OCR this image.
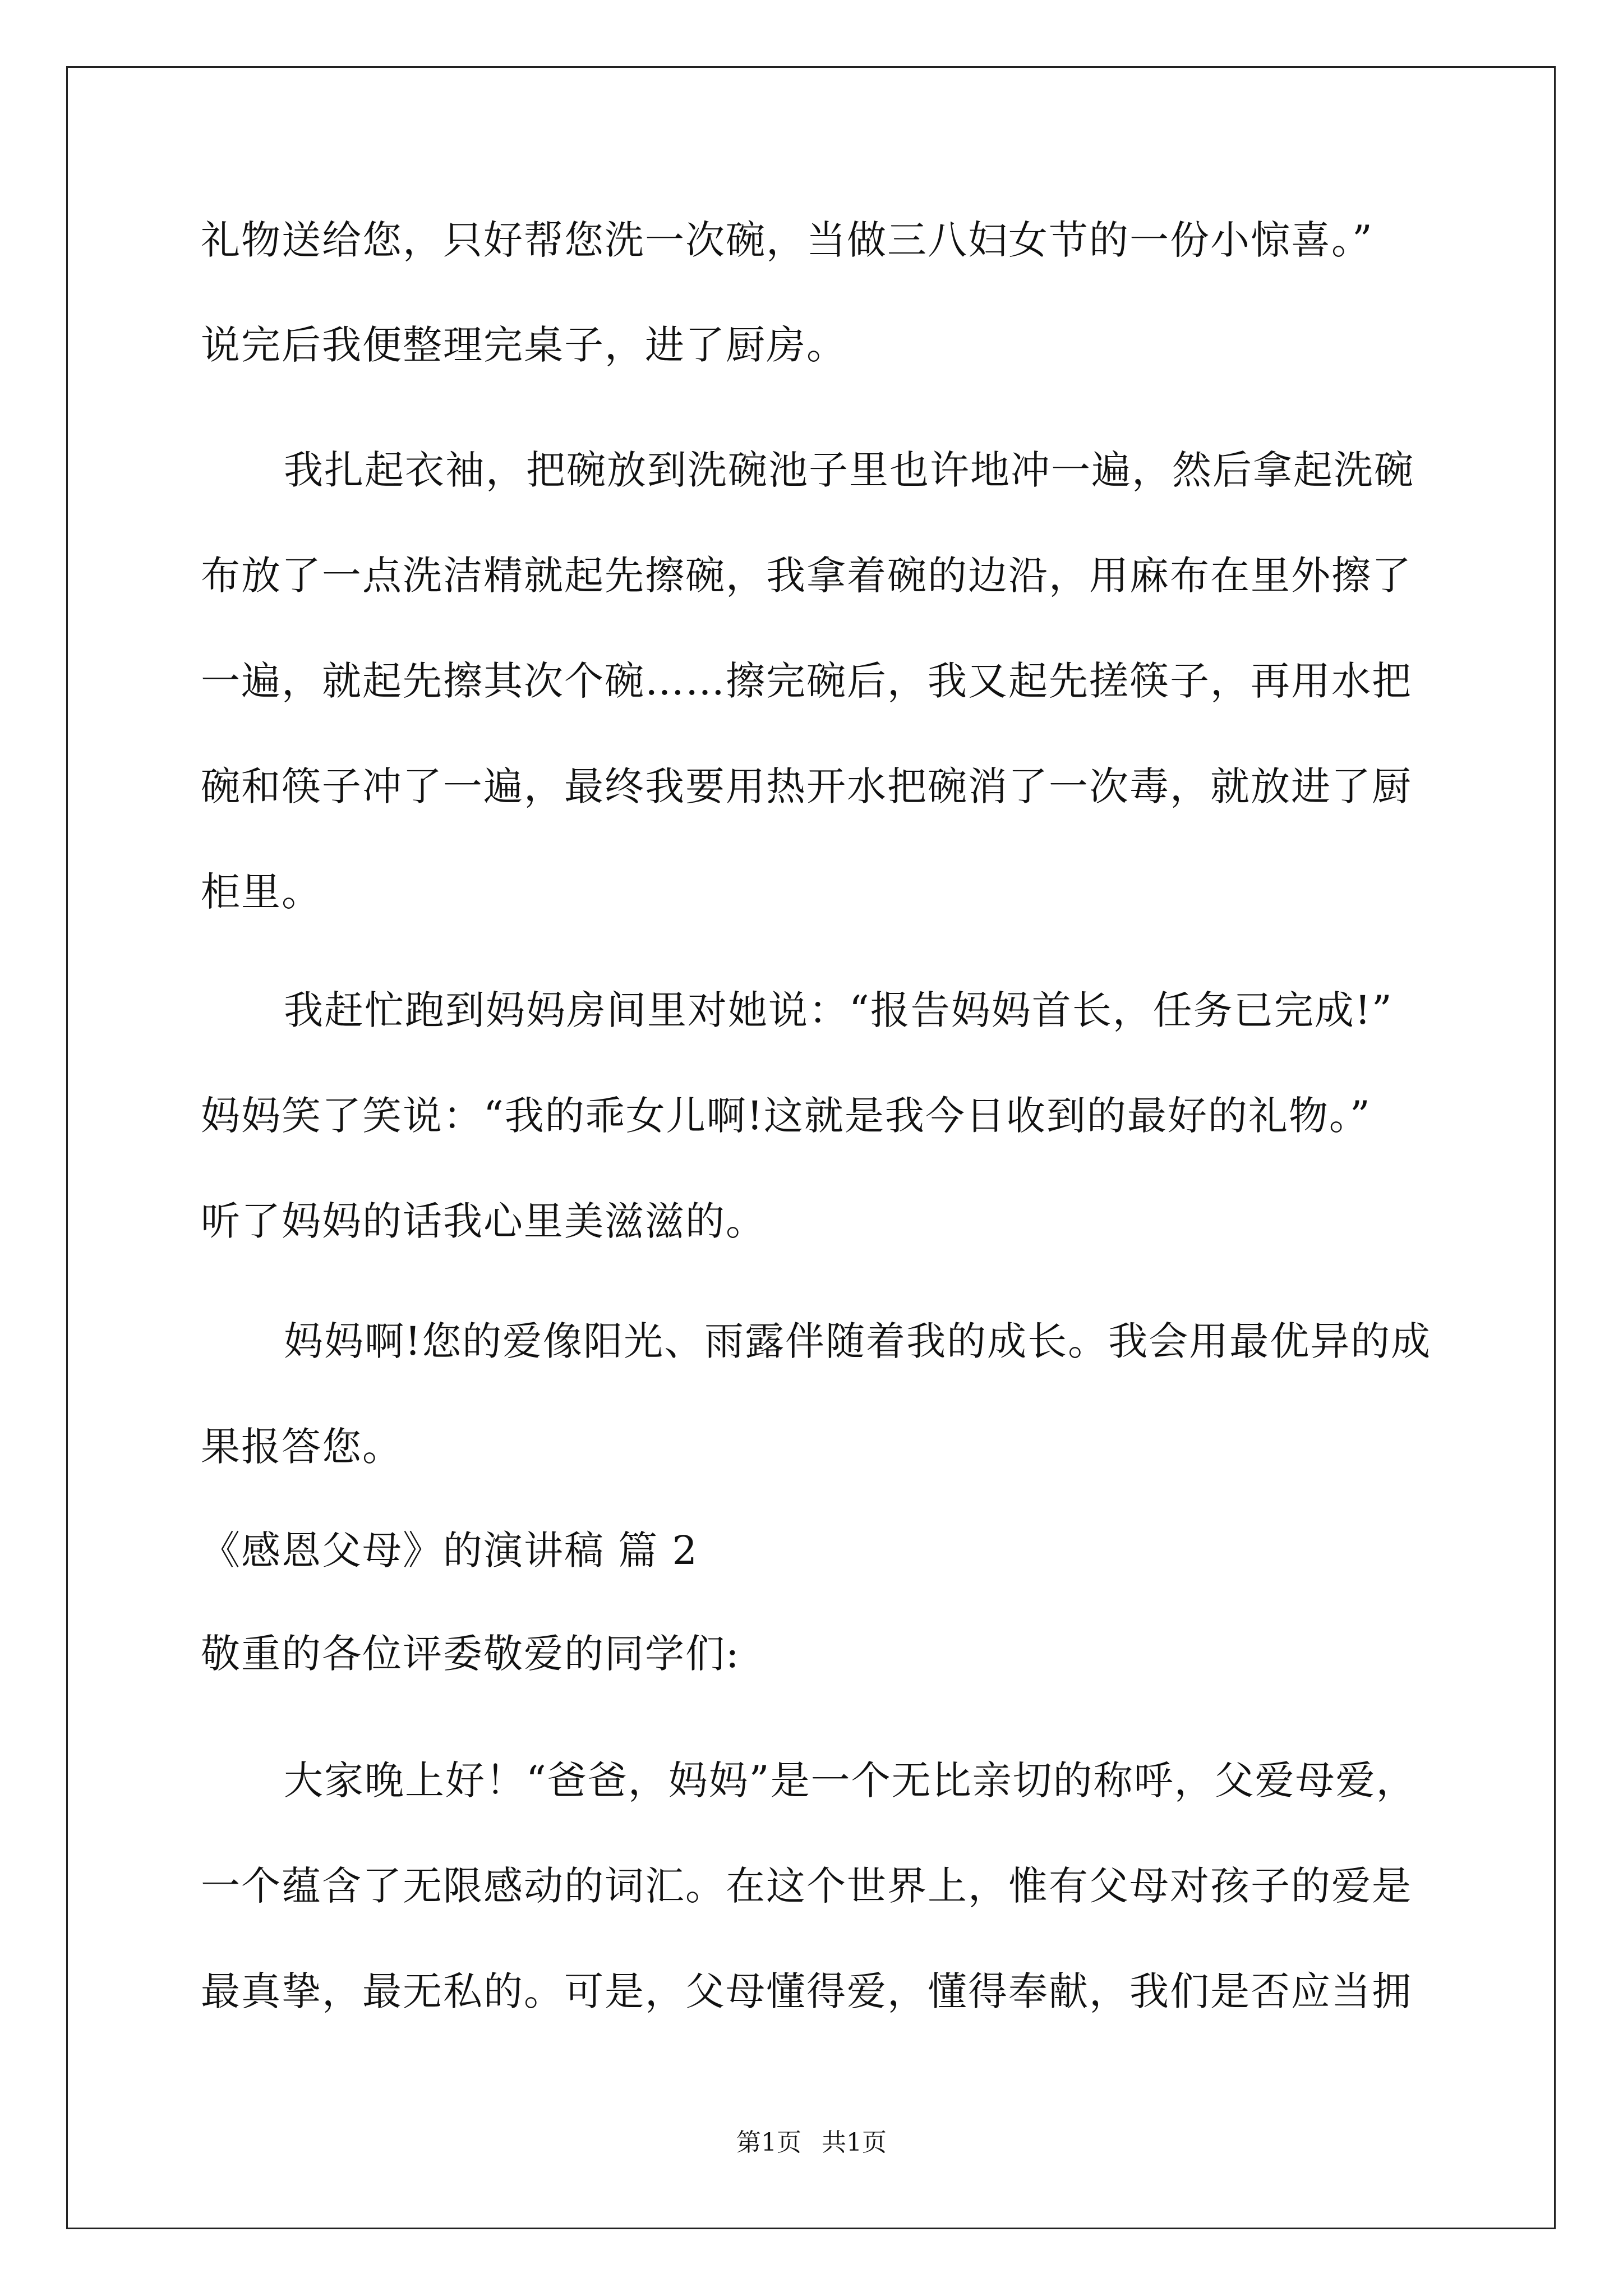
礼物送给您，只好帮您洗一次碗，当做三八妇女节的一份小惊喜。”
说完后我便整理完桌子，进了厨房。
我扎起衣袖，把碗放到洗碗池子里也许地冲一遍，然后拿起洗碗
布放了一点洗洁精就起先擦碗，我拿着碗的边沿，用麻布在里外擦了
一遍，就起先擦其次个碗……擦完碗后，我又起先搓筷子，再用水把
碗和筷子冲了一遍，最终我要用热开水把碗消了一次毒，就放进了厨
柜里。
我赶忙跑到妈妈房间里对她说：“报告妈妈首长，任务已完成!”
妈妈笑了笑说：“我的乖女儿啊!这就是我今日收到的最好的礼物。”
听了妈妈的话我心里美滋滋的。
妈妈啊!您的爱像阳光、雨露伴随着我的成长。我会用最优异的成
果报答您。
《感恩父母》的演讲稿 篇 2
敬重的各位评委敬爱的同学们:
大家晚上好！“爸爸，妈妈”是一个无比亲切的称呼，父爱母爱，
一个蕴含了无限感动的词汇。在这个世界上，惟有父母对孩子的爱是
最真挚，最无私的。可是，父母懂得爱，懂得奉献，我们是否应当拥
第1页 共1页
